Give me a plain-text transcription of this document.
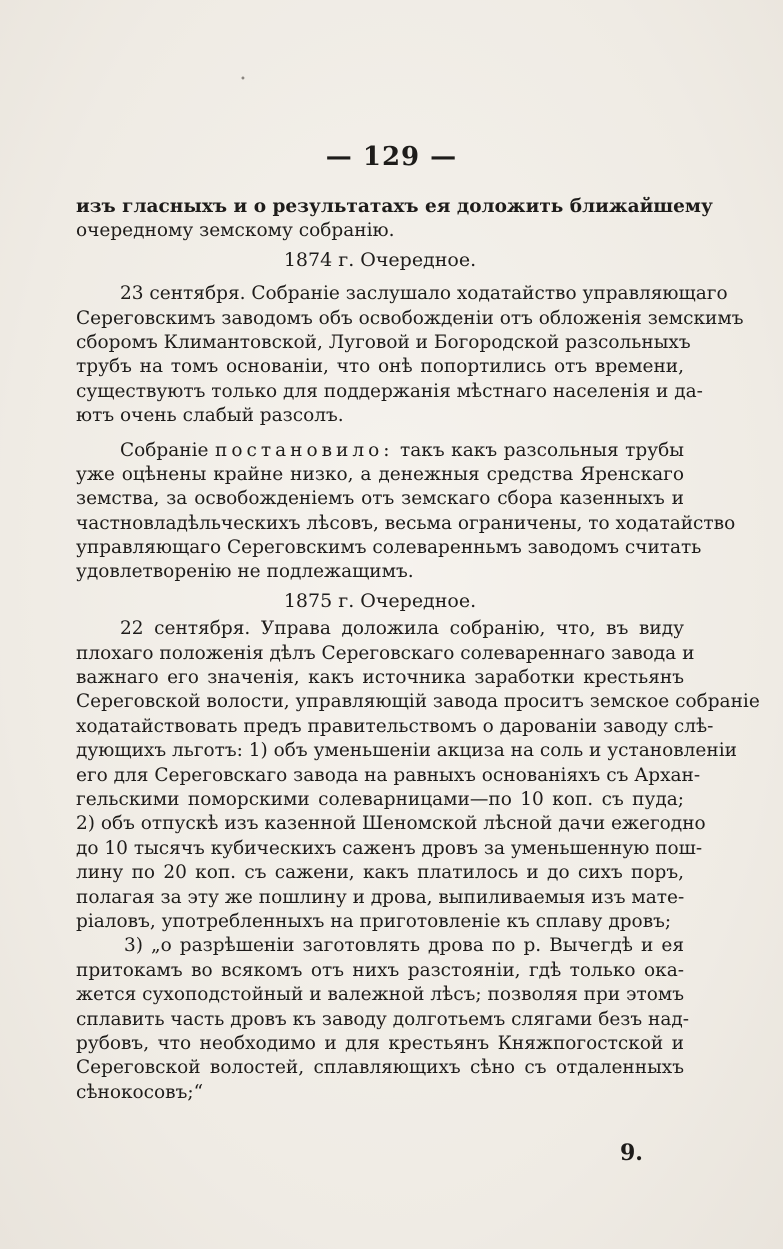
•
— 129 —
изъ гласныхъ и о результатахъ ея доложить ближайшему
очередному земскому собранію.
1874 г. Очередное.
23 сентября. Собраніе заслушало ходатайство управляющаго
Сереговскимъ заводомъ объ освобожденіи отъ обложенія земскимъ
сборомъ Климантовской, Луговой и Богородской разсольныхъ
трубъ на томъ основаніи, что онѣ попортились отъ времени,
существуютъ только для поддержанія мѣстнаго населенія и да-
ютъ очень слабый разсолъ.
Собраніе постановило: такъ какъ разсольныя трубы
уже оцѣнены крайне низко, а денежныя средства Яренскаго
земства, за освобожденіемъ отъ земскаго сбора казенныхъ и
частновладѣльческихъ лѣсовъ, весьма ограничены, то ходатайство
управляющаго Сереговскимъ солеваренньмъ заводомъ считать
удовлетворенію не подлежащимъ.
1875 г. Очередное.
22 сентября. Управа доложила собранію, что, въ виду
плохаго положенія дѣлъ Сереговскаго солевареннаго завода и
важнаго его значенія, какъ источника заработки крестьянъ
Сереговской волости, управляющій завода проситъ земское собраніе
ходатайствовать предъ правительствомъ о дарованіи заводу слѣ-
дующихъ льготъ: 1) объ уменьшеніи акциза на соль и установленіи
его для Сереговскаго завода на равныхъ основаніяхъ съ Архан-
гельскими поморскими солеварницами—по 10 коп. съ пуда;
2) объ отпускѣ изъ казенной Шеномской лѣсной дачи ежегодно
до 10 тысячъ кубическихъ саженъ дровъ за уменьшенную пош-
лину по 20 коп. съ сажени, какъ платилось и до сихъ поръ,
полагая за эту же пошлину и дрова, выпиливаемыя изъ мате-
ріаловъ, употребленныхъ на приготовленіе къ сплаву дровъ;
3) „о разрѣшеніи заготовлять дрова по р. Вычегдѣ и ея
притокамъ во всякомъ отъ нихъ разстояніи, гдѣ только ока-
жется сухоподстойный и валежной лѣсъ; позволяя при этомъ
сплавить часть дровъ къ заводу долготьемъ слягами безъ над-
рубовъ, что необходимо и для крестьянъ Княжпогостской и
Сереговской волостей, сплавляющихъ сѣно съ отдаленныхъ
сѣнокосовъ;“
9.
